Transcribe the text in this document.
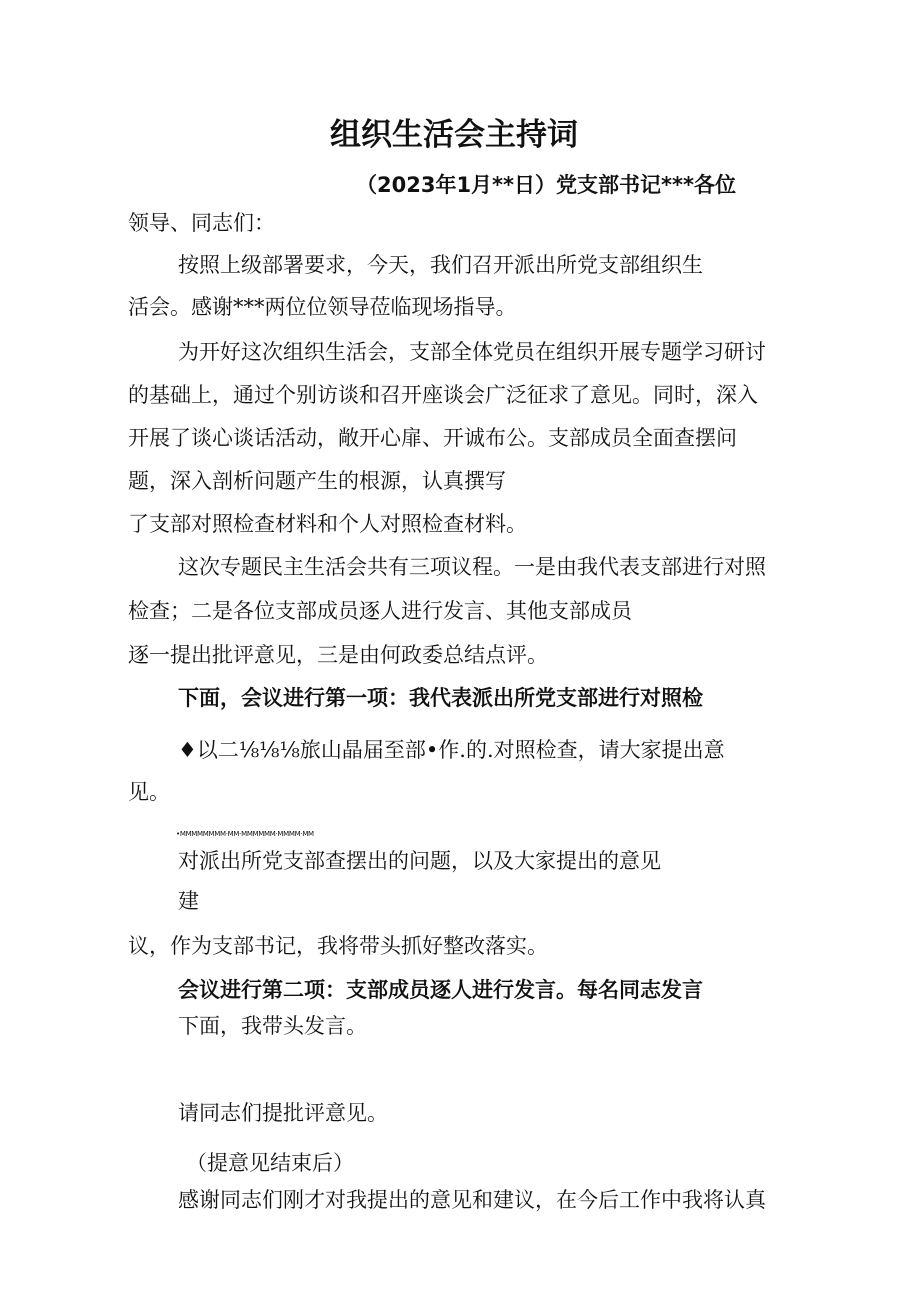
组织生活会主持词
（2023年1月**日）党支部书记***各位
领导、同志们：
按照上级部署要求，今天，我们召开派出所党支部组织生
活会。感谢***两位位领导莅临现场指导。
为开好这次组织生活会，支部全体党员在组织开展专题学习研讨
的基础上，通过个别访谈和召开座谈会广泛征求了意见。同时，深入
开展了谈心谈话活动，敞开心扉、开诚布公。支部成员全面查摆问
题，深入剖析问题产生的根源，认真撰写
了支部对照检查材料和个人对照检查材料。
这次专题民主生活会共有三项议程。一是由我代表支部进行对照
检查；二是各位支部成员逐人进行发言、其他支部成员
逐一提出批评意见，三是由何政委总结点评。
下面，会议进行第一项：我代表派出所党支部进行对照检
♦以二⅛⅛⅛旅山晶届至部•作.的.对照检查，请大家提出意
见。
•MMMMMMMM·MM·MMMMMM·MMMM·MM
对派出所党支部查摆出的问题，以及大家提出的意见
建
议，作为支部书记，我将带头抓好整改落实。
会议进行第二项：支部成员逐人进行发言。每名同志发言
下面，我带头发言。
请同志们提批评意见。
（提意见结束后）
感谢同志们刚才对我提出的意见和建议，在今后工作中我将认真
